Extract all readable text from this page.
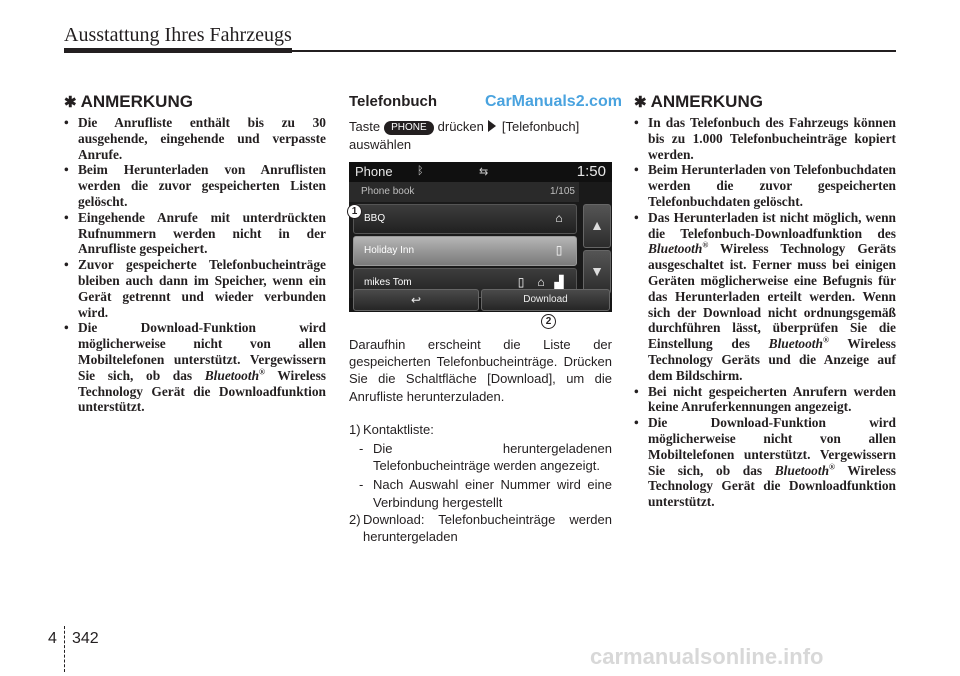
Ausstattung Ihres Fahrzeugs
✱ ANMERKUNG
• Die Anrufliste enthält bis zu 30 ausgehende, eingehende und verpasste Anrufe.
• Beim Herunterladen von Anruflisten werden die zuvor gespeicherten Listen gelöscht.
• Eingehende Anrufe mit unterdrückten Rufnummern werden nicht in der Anrufliste gespeichert.
• Zuvor gespeicherte Telefonbucheinträge bleiben auch dann im Speicher, wenn ein Gerät getrennt und wieder verbunden wird.
• Die Download-Funktion wird möglicherweise nicht von allen Mobiltelefonen unterstützt. Vergewissern Sie sich, ob das Bluetooth® Wireless Technology Gerät die Downloadfunktion unterstützt.
Telefonbuch	CarManuals2.com
Taste PHONE drücken [Telefonbuch] auswählen
Phone ᛒ	⇆	1:50
Phone book	1/105
BBQ	⌂
Holiday Inn	▯
mikes Tom	▯	⌂ ▟
▲
▼
↩	Download
1
2
Daraufhin erscheint die Liste der gespeicherten Telefonbucheinträge. Drücken Sie die Schaltfläche [Download], um die Anrufliste herunterzuladen.
1) Kontaktliste:
- Die heruntergeladenen Telefonbucheinträge werden angezeigt.
- Nach Auswahl einer Nummer wird eine Verbindung hergestellt
2) Download: Telefonbucheinträge werden heruntergeladen
✱ ANMERKUNG
• In das Telefonbuch des Fahrzeugs können bis zu 1.000 Telefonbucheinträge kopiert werden.
• Beim Herunterladen von Telefonbuchdaten werden die zuvor gespeicherten Telefonbuchdaten gelöscht.
• Das Herunterladen ist nicht möglich, wenn die Telefonbuch-Downloadfunktion des Bluetooth® Wireless Technology Geräts ausgeschaltet ist. Ferner muss bei einigen Geräten möglicherweise eine Befugnis für das Herunterladen erteilt werden. Wenn sich der Download nicht ordnungsgemäß durchführen lässt, überprüfen Sie die Einstellung des Bluetooth® Wireless Technology Geräts und die Anzeige auf dem Bildschirm.
• Bei nicht gespeicherten Anrufern werden keine Anruferkennungen angezeigt.
• Die Download-Funktion wird möglicherweise nicht von allen Mobiltelefonen unterstützt. Vergewissern Sie sich, ob das Bluetooth® Wireless Technology Gerät die Downloadfunktion unterstützt.
4 342
carmanualsonline.info
